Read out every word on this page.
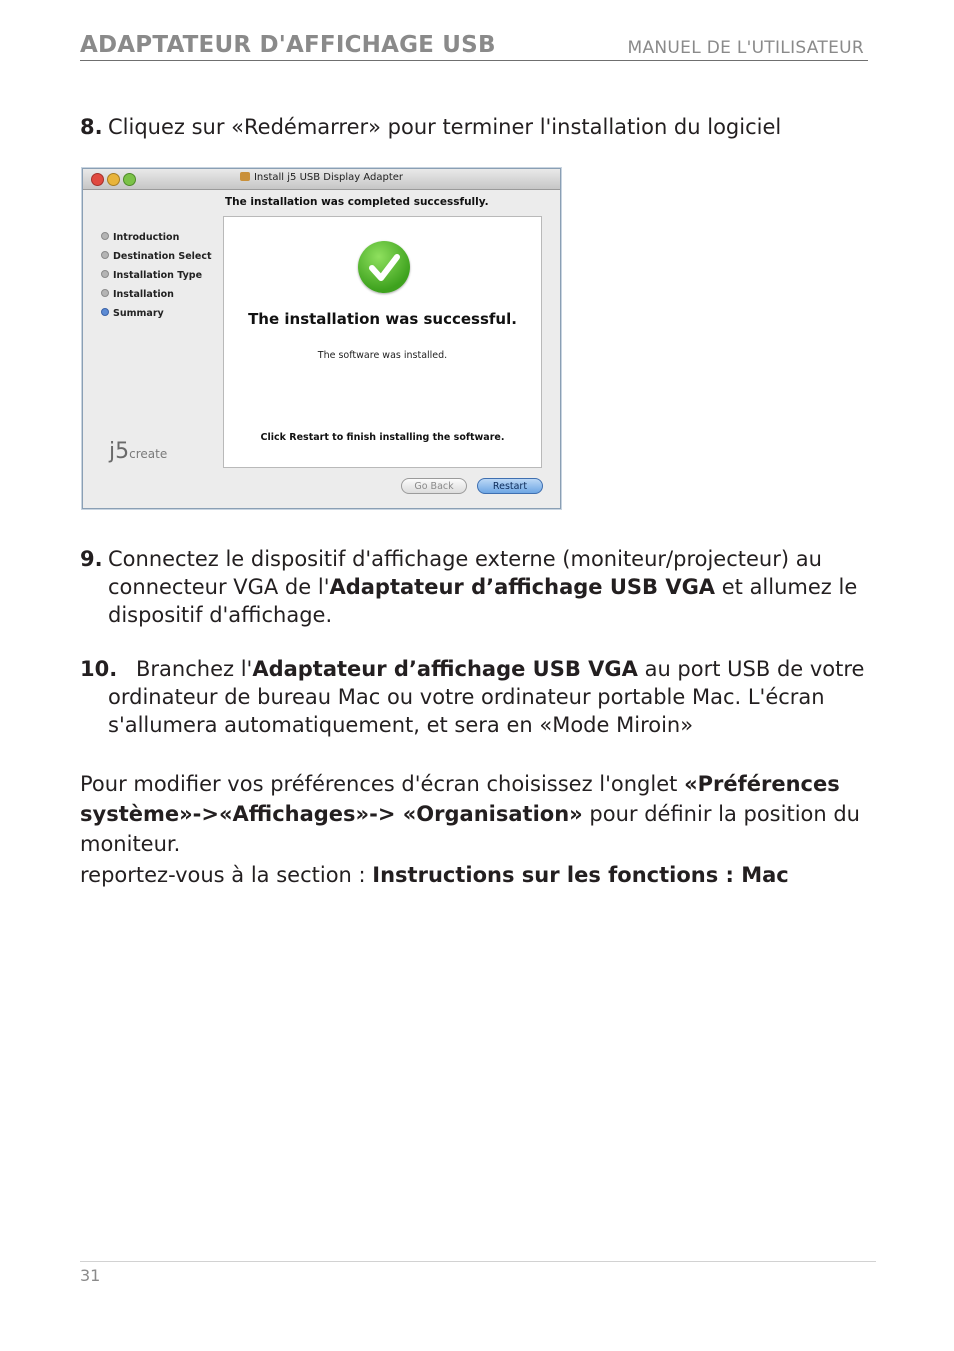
ADAPTATEUR D'AFFICHAGE USB	MANUEL DE L'UTILISATEUR
8. Cliquez sur «Redémarrer» pour terminer l'installation du logiciel
Install j5 USB Display Adapter
The installation was completed successfully.
Introduction
Destination Select
Installation Type
Installation
Summary
j5create
The installation was successful.
The software was installed.
Click Restart to finish installing the software.
Go Back	Restart
9. Connectez le dispositif d'affichage externe (moniteur/projecteur) au connecteur VGA de l'Adaptateur d’affichage USB VGA et allumez le dispositif d'affichage.
10. Branchez l'Adaptateur d’affichage USB VGA au port USB de votre ordinateur de bureau Mac ou votre ordinateur portable Mac. L'écran s'allumera automatiquement, et sera en «Mode Miroin»
Pour modifier vos préférences d'écran choisissez l'onglet «Préférences système»->«Affichages»-> «Organisation» pour définir la position du moniteur.
reportez-vous à la section : Instructions sur les fonctions : Mac
31
